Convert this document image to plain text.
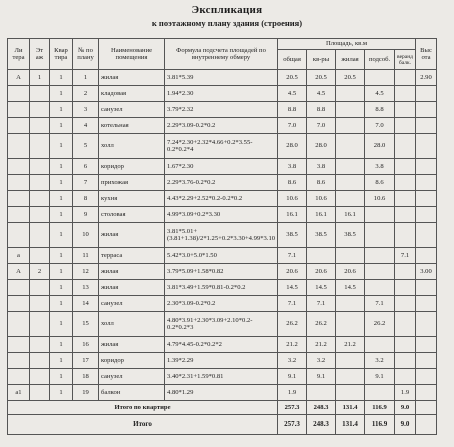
Экспликация
к поэтажному плану здания (строения)
Ли тера	Эт аж	Квар тира	№ по плану	Наименование помещения	Формула подсчета площадей по внутреннему обмеру	Площадь, кв.м					Выс ота
						общая	кв-ры	жилая	подсоб.	веранд балк.	
А	1	1	1	жилая	3.81*5.39	20.5	20.5	20.5			2.90
		1	2	кладовая	1.94*2.30	4.5	4.5		4.5		
		1	3	санузел	3.79*2.32	8.8	8.8		8.8		
		1	4	котельная	2.29*3.09-0.2*0.2	7.0	7.0		7.0		
		1	5	холл	7.24*2.30+2.32*4.66+0.2*3.55-0.2*0.2*4	28.0	28.0		28.0		
		1	6	коридор	1.67*2.30	3.8	3.8		3.8		
		1	7	прихожая	2.29*3.76-0.2*0.2	8.6	8.6		8.6		
		1	8	кухня	4.43*2.29+2.52*0.2-0.2*0.2	10.6	10.6		10.6		
		1	9	столовая	4.99*3.09+0.2*3.30	16.1	16.1	16.1			
		1	10	жилая	3.81*5.01+(3.81+1.38)/2*1.25+0.2*3.30+4.99*3.10	38.5	38.5	38.5			
а		1	11	терраса	5.42*3.0+5.0*1.50	7.1				7.1	
А	2	1	12	жилая	3.79*5.09+1.58*0.82	20.6	20.6	20.6			3.00
		1	13	жилая	3.81*3.49+1.59*0.81-0.2*0.2	14.5	14.5	14.5			
		1	14	санузел	2.30*3.09-0.2*0.2	7.1	7.1		7.1		
		1	15	холл	4.80*3.91+2.30*3.09+2.10*0.2-0.2*0.2*3	26.2	26.2		26.2		
		1	16	жилая	4.79*4.45-0.2*0.2*2	21.2	21.2	21.2			
		1	17	коридор	1.39*2.29	3.2	3.2		3.2		
		1	18	санузел	3.40*2.31+1.59*0.81	9.1	9.1		9.1		
а1		1	19	балкон	4.80*1.29	1.9				1.9	
Итого по квартире						257.3	248.3	131.4	116.9	9.0	
Итого						257.3	248.3	131.4	116.9	9.0	
